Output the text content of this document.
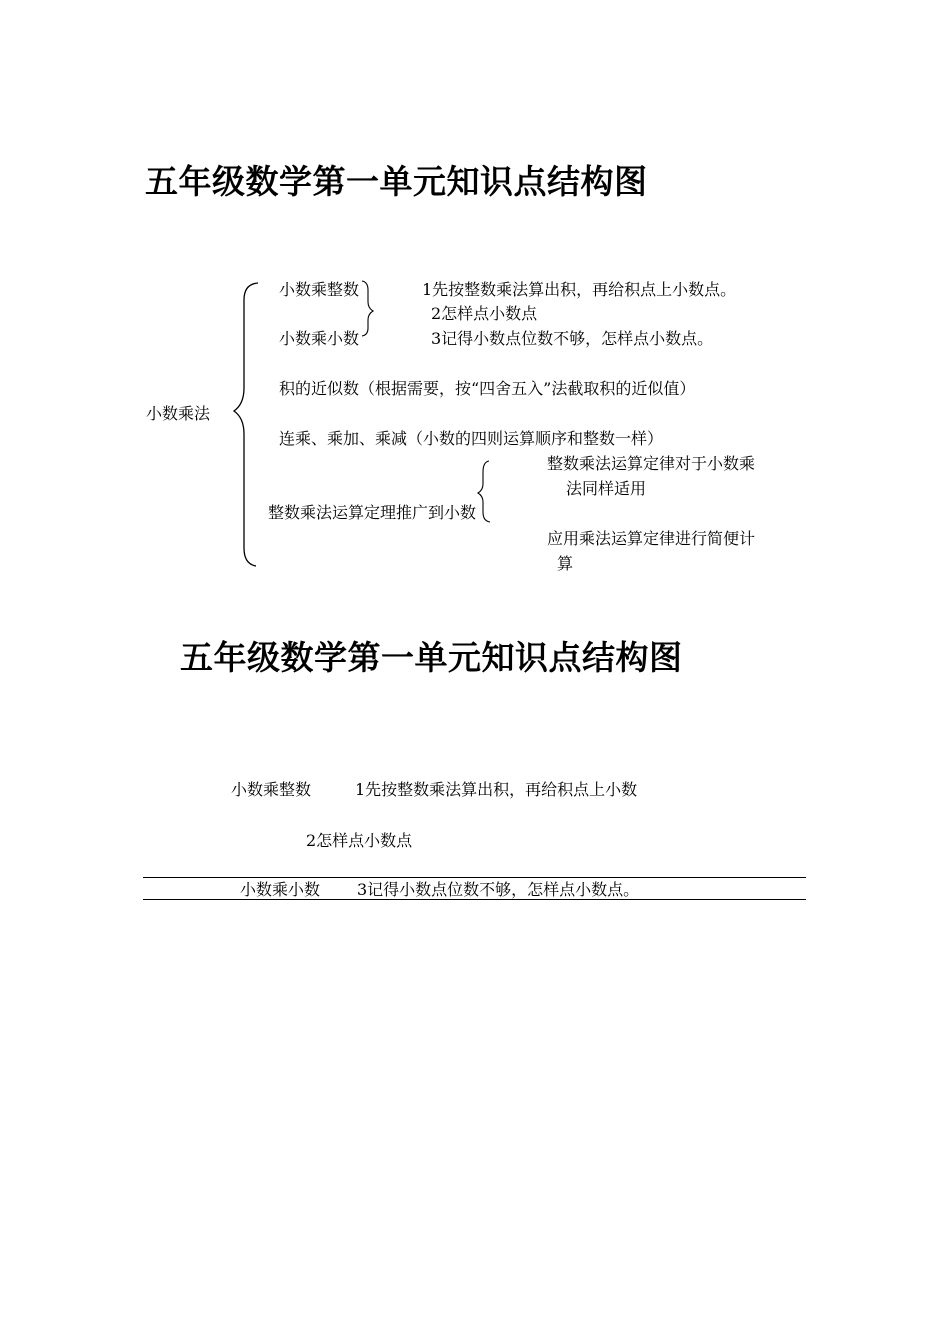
五年级数学第一单元知识点结构图
小数乘法
小数乘整数	1先按整数乘法算出积，再给积点上小数点。
2怎样点小数点
小数乘小数	3记得小数点位数不够，怎样点小数点。
积的近似数（根据需要，按“四舍五入”法截取积的近似值）
连乘、乘加、乘减（小数的四则运算顺序和整数一样）
整数乘法运算定理推广到小数
整数乘法运算定律对于小数乘
法同样适用
应用乘法运算定律进行简便计
算
五年级数学第一单元知识点结构图
小数乘整数	1先按整数乘法算出积，再给积点上小数
2怎样点小数点
小数乘小数 3记得小数点位数不够，怎样点小数点。
